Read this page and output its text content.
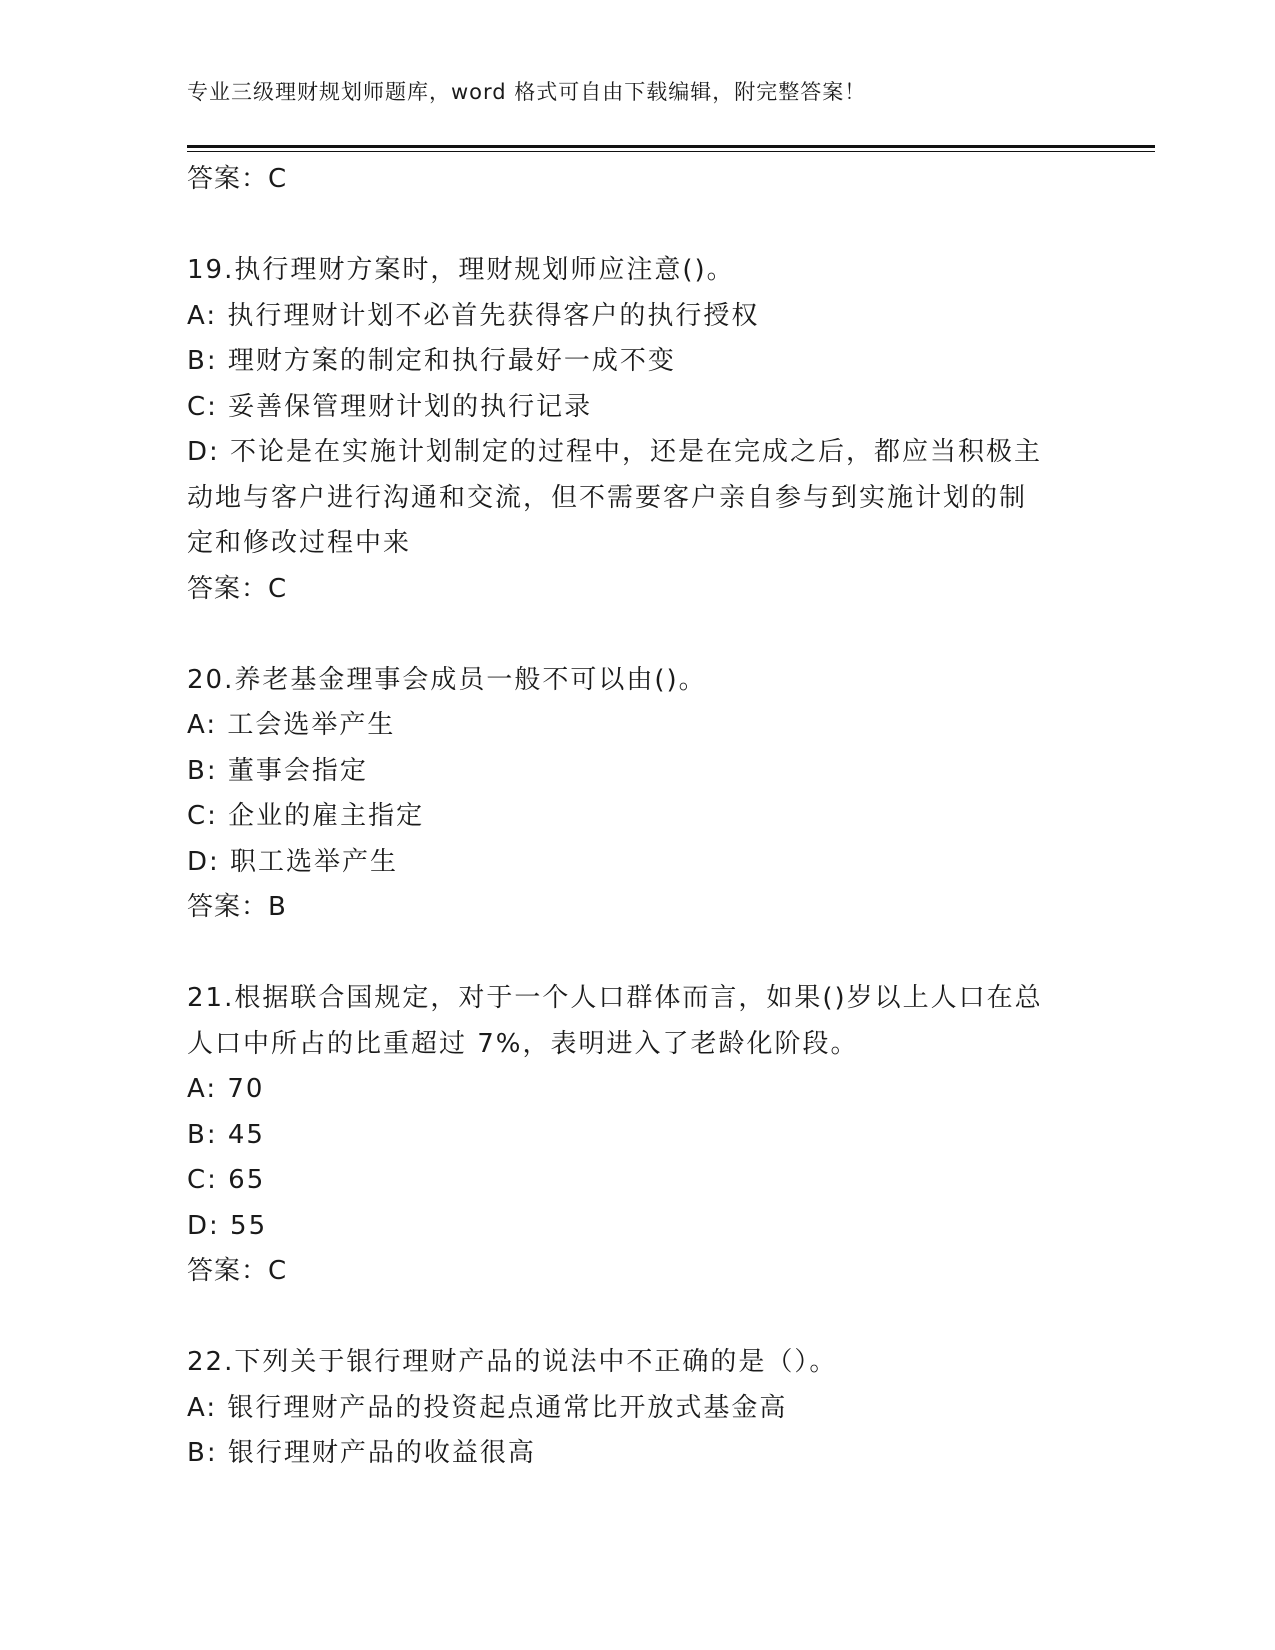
专业三级理财规划师题库，word 格式可自由下载编辑，附完整答案！
答案：C
19.执行理财方案时，理财规划师应注意()。
A: 执行理财计划不必首先获得客户的执行授权
B: 理财方案的制定和执行最好一成不变
C: 妥善保管理财计划的执行记录
D: 不论是在实施计划制定的过程中，还是在完成之后，都应当积极主
动地与客户进行沟通和交流，但不需要客户亲自参与到实施计划的制
定和修改过程中来
答案：C
20.养老基金理事会成员一般不可以由()。
A: 工会选举产生
B: 董事会指定
C: 企业的雇主指定
D: 职工选举产生
答案：B
21.根据联合国规定，对于一个人口群体而言，如果()岁以上人口在总
人口中所占的比重超过 7%，表明进入了老龄化阶段。
A: 70
B: 45
C: 65
D: 55
答案：C
22.下列关于银行理财产品的说法中不正确的是（）。
A: 银行理财产品的投资起点通常比开放式基金高
B: 银行理财产品的收益很高
